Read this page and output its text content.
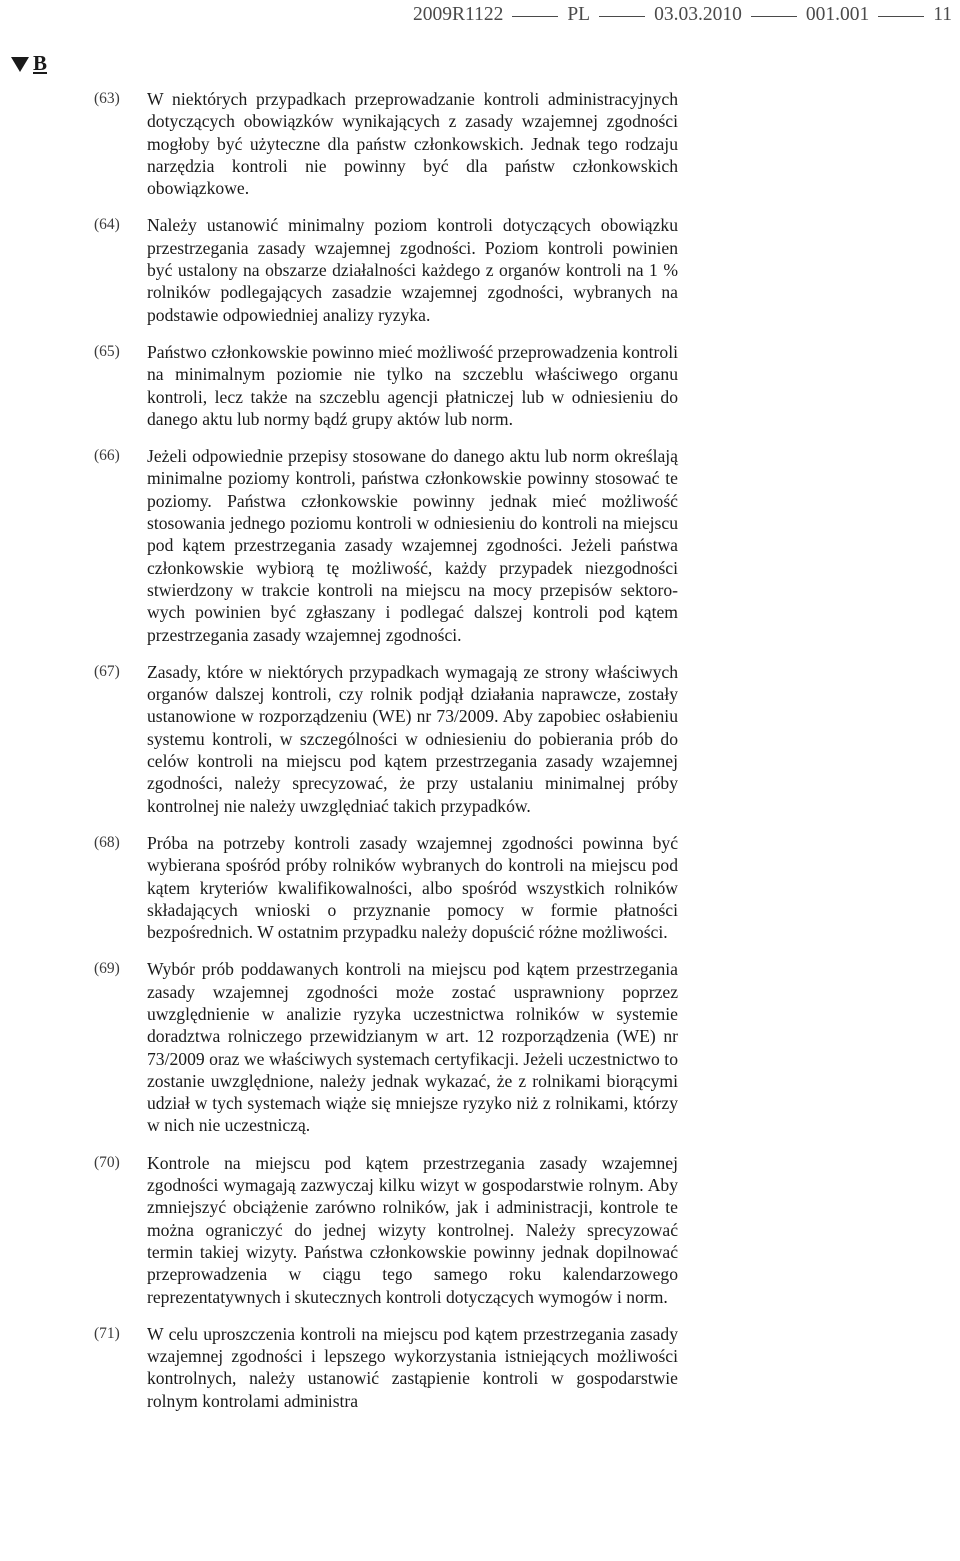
2009R1122	PL	03.03.2010	001.001	11
B
(63)	W niektórych przypadkach przeprowadzanie kontroli administracyjnych dotyczących obowiązków wynikających z zasady wzajemnej zgodności mogłoby być użyteczne dla państw członkowskich. Jednak tego rodzaju narzędzia kontroli nie powinny być dla państw członkowskich obowiązkowe.

(64)	Należy ustanowić minimalny poziom kontroli dotyczących obowiązku przestrzegania zasady wzajemnej zgodności. Poziom kontroli powinien być ustalony na obszarze działalności każdego z organów kontroli na 1 % rolników podlegających zasadzie wzajemnej zgodności, wybranych na podstawie odpowiedniej analizy ryzyka.

(65)	Państwo członkowskie powinno mieć możliwość przeprowadzenia kontroli na minimalnym poziomie nie tylko na szczeblu właściwego organu kontroli, lecz także na szczeblu agencji płatniczej lub w odniesieniu do danego aktu lub normy bądź grupy aktów lub norm.

(66)	Jeżeli odpowiednie przepisy stosowane do danego aktu lub norm określają minimalne poziomy kontroli, państwa członkowskie powinny stosować te poziomy. Państwa członkowskie powinny jednak mieć możliwość stosowania jednego poziomu kontroli w odniesieniu do kontroli na miejscu pod kątem przestrzegania zasady wzajemnej zgodności. Jeżeli państwa członkowskie wybiorą tę możliwość, każdy przypadek niezgodności stwierdzony w trakcie kontroli na miejscu na mocy przepisów sektorowych powinien być zgłaszany i podlegać dalszej kontroli pod kątem przestrzegania zasady wzajemnej zgodności.

(67)	Zasady, które w niektórych przypadkach wymagają ze strony właściwych organów dalszej kontroli, czy rolnik podjął działania naprawcze, zostały ustanowione w rozporządzeniu (WE) nr 73/2009. Aby zapobiec osłabieniu systemu kontroli, w szczególności w odniesieniu do pobierania prób do celów kontroli na miejscu pod kątem przestrzegania zasady wzajemnej zgodności, należy sprecyzować, że przy ustalaniu minimalnej próby kontrolnej nie należy uwzględniać takich przypadków.

(68)	Próba na potrzeby kontroli zasady wzajemnej zgodności powinna być wybierana spośród próby rolników wybranych do kontroli na miejscu pod kątem kryteriów kwalifikowalności, albo spośród wszystkich rolników składających wnioski o przyznanie pomocy w formie płatności bezpośrednich. W ostatnim przypadku należy dopuścić różne możliwości.

(69)	Wybór prób poddawanych kontroli na miejscu pod kątem przestrzegania zasady wzajemnej zgodności może zostać usprawniony poprzez uwzględnienie w analizie ryzyka uczestnictwa rolników w systemie doradztwa rolniczego przewidzianym w art. 12 rozporządzenia (WE) nr 73/2009 oraz we właściwych systemach certyfikacji. Jeżeli uczestnictwo to zostanie uwzględnione, należy jednak wykazać, że z rolnikami biorącymi udział w tych systemach wiąże się mniejsze ryzyko niż z rolnikami, którzy w nich nie uczestniczą.

(70)	Kontrole na miejscu pod kątem przestrzegania zasady wzajemnej zgodności wymagają zazwyczaj kilku wizyt w gospodarstwie rolnym. Aby zmniejszyć obciążenie zarówno rolników, jak i administracji, kontrole te można ograniczyć do jednej wizyty kontrolnej. Należy sprecyzować termin takiej wizyty. Państwa członkowskie powinny jednak dopilnować przeprowadzenia w ciągu tego samego roku kalendarzowego reprezentatywnych i skutecznych kontroli dotyczących wymogów i norm.

(71)	W celu uproszczenia kontroli na miejscu pod kątem przestrzegania zasady wzajemnej zgodności i lepszego wykorzystania istniejących możliwości kontrolnych, należy ustanowić zastąpienie kontroli w gospodarstwie rolnym kontrolami administra
